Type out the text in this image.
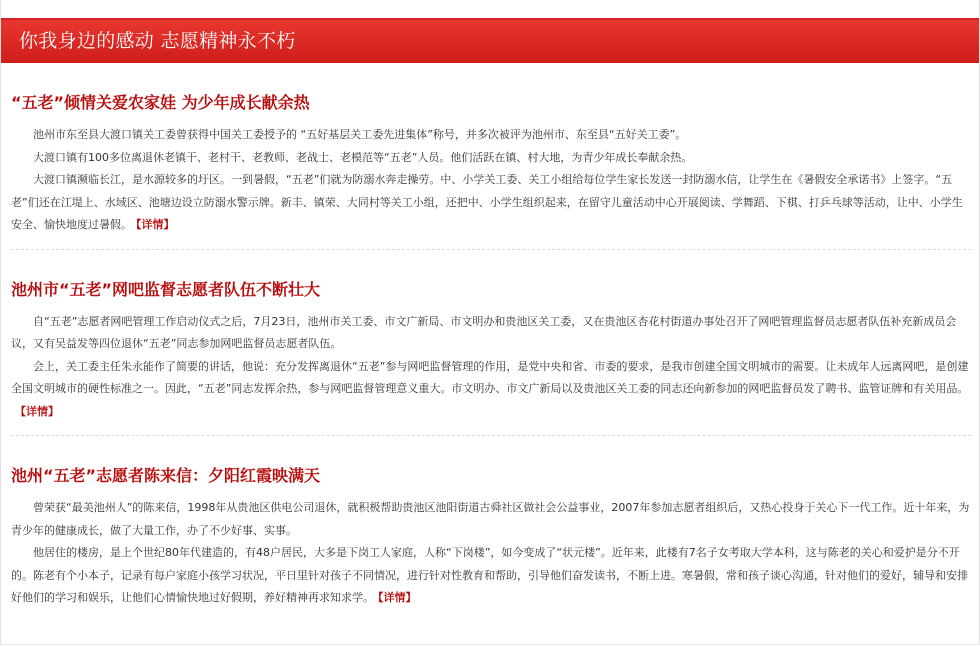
你我身边的感动 志愿精神永不朽
“五老”倾情关爱农家娃 为少年成长献余热

池州市东至县大渡口镇关工委曾获得中国关工委授予的 “五好基层关工委先进集体”称号，并多次被评为池州市、东至县“五好关工委”。

大渡口镇有100多位离退休老镇干、老村干、老教师、老战士、老模范等“五老”人员。他们活跃在镇、村大地，为青少年成长奉献余热。

大渡口镇濒临长江，是水源较多的圩区。一到暑假，“五老”们就为防溺水奔走操劳。中、小学关工委、关工小组给每位学生家长发送一封防溺水信，让学生在《暑假安全承诺书》上签字。“五老”们还在江堤上、水域区、池塘边设立防溺水警示牌。新丰、镇荣、大同村等关工小组，还把中、小学生组织起来，在留守儿童活动中心开展阅读、学舞蹈、下棋、打乒乓球等活动，让中、小学生安全、愉快地度过暑假。 【详情】

池州市“五老”网吧监督志愿者队伍不断壮大

自“五老”志愿者网吧管理工作启动仪式之后，7月23日，池州市关工委、市文广新局、市文明办和贵池区关工委，又在贵池区杏花村街道办事处召开了网吧管理监督员志愿者队伍补充新成员会议，又有吴益发等四位退休“五老”同志参加网吧监督员志愿者队伍。

会上，关工委主任朱永能作了简要的讲话，他说：充分发挥离退休“五老”参与网吧监督管理的作用，是党中央和省、市委的要求，是我市创建全国文明城市的需要。让未成年人远离网吧，是创建全国文明城市的硬性标准之一。因此，“五老”同志发挥余热，参与网吧监督管理意义重大。市文明办、市文广新局以及贵池区关工委的同志还向新参加的网吧监督员发了聘书、监管证牌和有关用品。【详情】

池州“五老”志愿者陈来信：夕阳红霞映满天

曾荣获“最美池州人”的陈来信，1998年从贵池区供电公司退休，就积极帮助贵池区池阳街道古舜社区做社会公益事业，2007年参加志愿者组织后，又热心投身于关心下一代工作。近十年来，为青少年的健康成长，做了大量工作，办了不少好事、实事。

他居住的楼房，是上个世纪80年代建造的，有48户居民，大多是下岗工人家庭，人称“下岗楼”，如今变成了“状元楼”。近年来，此楼有7名子女考取大学本科，这与陈老的关心和爱护是分不开的。陈老有个小本子，记录有每户家庭小孩学习状况，平日里针对孩子不同情况，进行针对性教育和帮助，引导他们奋发读书，不断上进。寒暑假，常和孩子谈心沟通，针对他们的爱好，辅导和安排好他们的学习和娱乐，让他们心情愉快地过好假期，养好精神再求知求学。 【详情】
